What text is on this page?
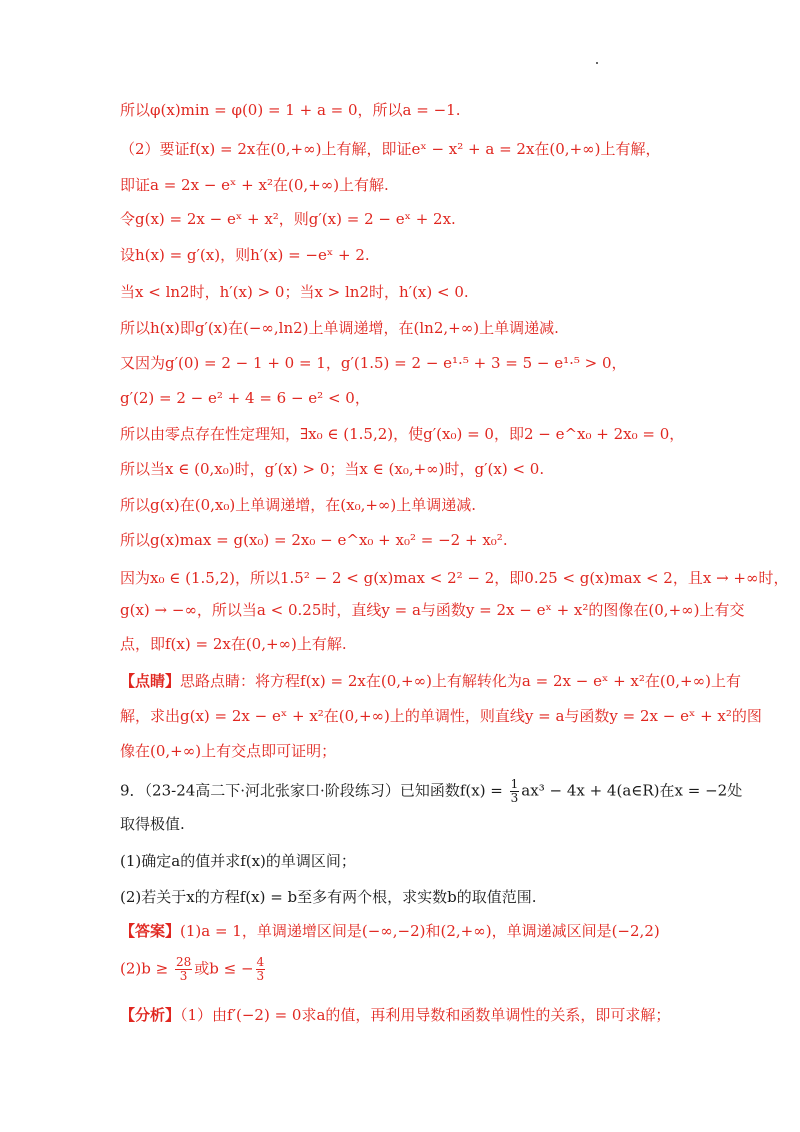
所以φ(x)min = φ(0) = 1 + a = 0，所以a = −1.
（2）要证f(x) = 2x在(0,+∞)上有解，即证eˣ − x² + a = 2x在(0,+∞)上有解，
即证a = 2x − eˣ + x²在(0,+∞)上有解.
令g(x) = 2x − eˣ + x²，则g′(x) = 2 − eˣ + 2x.
设h(x) = g′(x)，则h′(x) = −eˣ + 2.
当x < ln2时，h′(x) > 0；当x > ln2时，h′(x) < 0.
所以h(x)即g′(x)在(−∞,ln2)上单调递增，在(ln2,+∞)上单调递减.
又因为g′(0) = 2 − 1 + 0 = 1，g′(1.5) = 2 − e¹·⁵ + 3 = 5 − e¹·⁵ > 0，
g′(2) = 2 − e² + 4 = 6 − e² < 0，
所以由零点存在性定理知，∃x₀ ∈ (1.5,2)，使g′(x₀) = 0，即2 − e^x₀ + 2x₀ = 0，
所以当x ∈ (0,x₀)时，g′(x) > 0；当x ∈ (x₀,+∞)时，g′(x) < 0.
所以g(x)在(0,x₀)上单调递增，在(x₀,+∞)上单调递减.
所以g(x)max = g(x₀) = 2x₀ − e^x₀ + x₀² = −2 + x₀².
因为x₀ ∈ (1.5,2)，所以1.5² − 2 < g(x)max < 2² − 2，即0.25 < g(x)max < 2，且x → +∞时，
g(x) → −∞，所以当a < 0.25时，直线y = a与函数y = 2x − eˣ + x²的图像在(0,+∞)上有交
点，即f(x) = 2x在(0,+∞)上有解.
【点睛】思路点睛：将方程f(x) = 2x在(0,+∞)上有解转化为a = 2x − eˣ + x²在(0,+∞)上有
解，求出g(x) = 2x − eˣ + x²在(0,+∞)上的单调性，则直线y = a与函数y = 2x − eˣ + x²的图
像在(0,+∞)上有交点即可证明；
9．（23-24高二下·河北张家口·阶段练习）已知函数$f(x) = \frac{1}{3} ax^3 - 4x$ + 4(a∈R)在x = −2处
取得极值.
(1)确定a的值并求f(x)的单调区间；
(2)若关于x的方程f(x) = b至多有两个根，求实数b的取值范围.
【答案】(1)a = 1，单调递增区间是(−∞,−2)和(2,+∞)，单调递减区间是(−2,2)
$(2)b \ge \frac{28}{3}$ 或b ≤ − $\frac{4}{3}$
【分析】（1）由f′(−2) = 0求a的值，再利用导数和函数单调性的关系，即可求解；
